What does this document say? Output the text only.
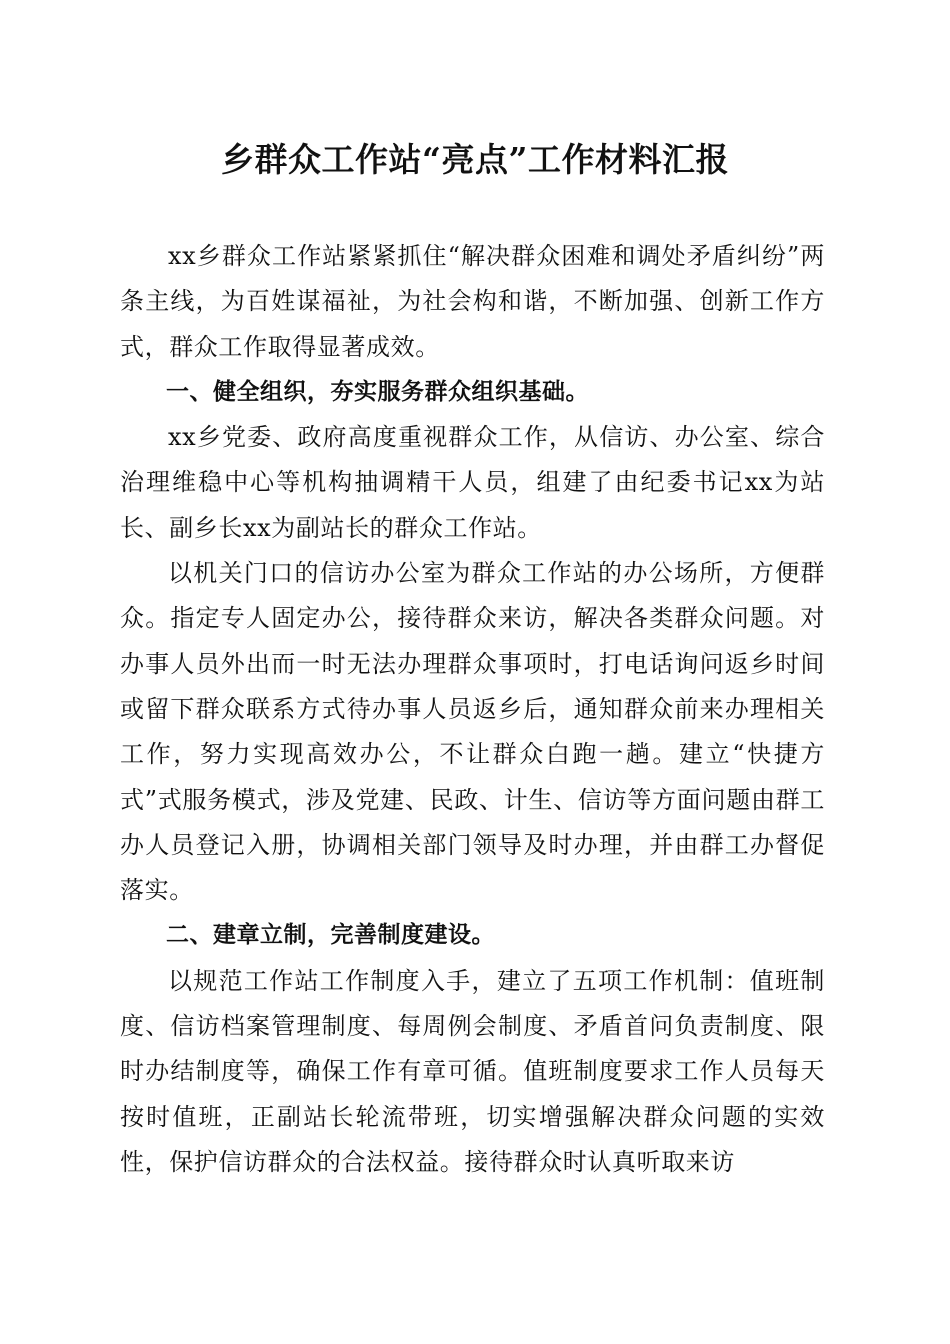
乡群众工作站“亮点”工作材料汇报

xx乡群众工作站紧紧抓住“解决群众困难和调处矛盾纠纷”两条主线，为百姓谋福祉，为社会构和谐，不断加强、创新工作方式，群众工作取得显著成效。

一、健全组织，夯实服务群众组织基础。

xx乡党委、政府高度重视群众工作，从信访、办公室、综合治理维稳中心等机构抽调精干人员，组建了由纪委书记xx为站长、副乡长xx为副站长的群众工作站。

以机关门口的信访办公室为群众工作站的办公场所，方便群众。指定专人固定办公，接待群众来访，解决各类群众问题。对办事人员外出而一时无法办理群众事项时，打电话询问返乡时间或留下群众联系方式待办事人员返乡后，通知群众前来办理相关工作，努力实现高效办公，不让群众白跑一趟。建立“快捷方式”式服务模式，涉及党建、民政、计生、信访等方面问题由群工办人员登记入册，协调相关部门领导及时办理，并由群工办督促落实。

二、建章立制，完善制度建设。

以规范工作站工作制度入手，建立了五项工作机制：值班制度、信访档案管理制度、每周例会制度、矛盾首问负责制度、限时办结制度等，确保工作有章可循。值班制度要求工作人员每天按时值班，正副站长轮流带班，切实增强解决群众问题的实效性，保护信访群众的合法权益。接待群众时认真听取来访
